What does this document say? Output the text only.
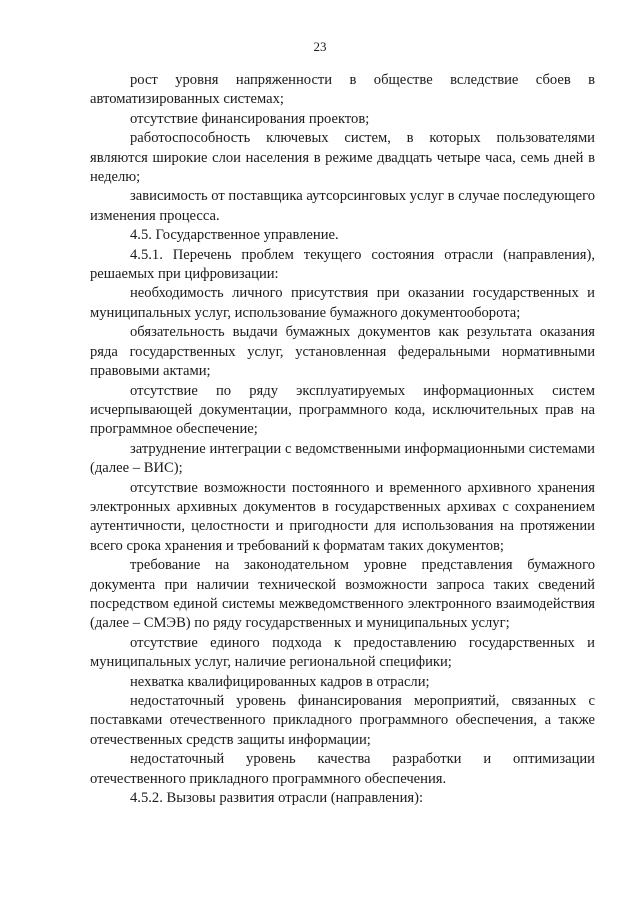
23

рост уровня напряженности в обществе вследствие сбоев в автоматизированных системах;

отсутствие финансирования проектов;

работоспособность ключевых систем, в которых пользователями являются широкие слои населения в режиме двадцать четыре часа, семь дней в неделю;

зависимость от поставщика аутсорсинговых услуг в случае последующего изменения процесса.

4.5. Государственное управление.

4.5.1. Перечень проблем текущего состояния отрасли (направления), решаемых при цифровизации:

необходимость личного присутствия при оказании государственных и муниципальных услуг, использование бумажного документооборота;

обязательность выдачи бумажных документов как результата оказания ряда государственных услуг, установленная федеральными нормативными правовыми актами;

отсутствие по ряду эксплуатируемых информационных систем исчерпывающей документации, программного кода, исключительных прав на программное обеспечение;

затруднение интеграции с ведомственными информационными системами (далее – ВИС);

отсутствие возможности постоянного и временного архивного хранения электронных архивных документов в государственных архивах с сохранением аутентичности, целостности и пригодности для использования на протяжении всего срока хранения и требований к форматам таких документов;

требование на законодательном уровне представления бумажного документа при наличии технической возможности запроса таких сведений посредством единой системы межведомственного электронного взаимодействия (далее – СМЭВ) по ряду государственных и муниципальных услуг;

отсутствие единого подхода к предоставлению государственных и муниципальных услуг, наличие региональной специфики;

нехватка квалифицированных кадров в отрасли;

недостаточный уровень финансирования мероприятий, связанных с поставками отечественного прикладного программного обеспечения, а также отечественных средств защиты информации;

недостаточный уровень качества разработки и оптимизации отечественного прикладного программного обеспечения.

4.5.2. Вызовы развития отрасли (направления):
